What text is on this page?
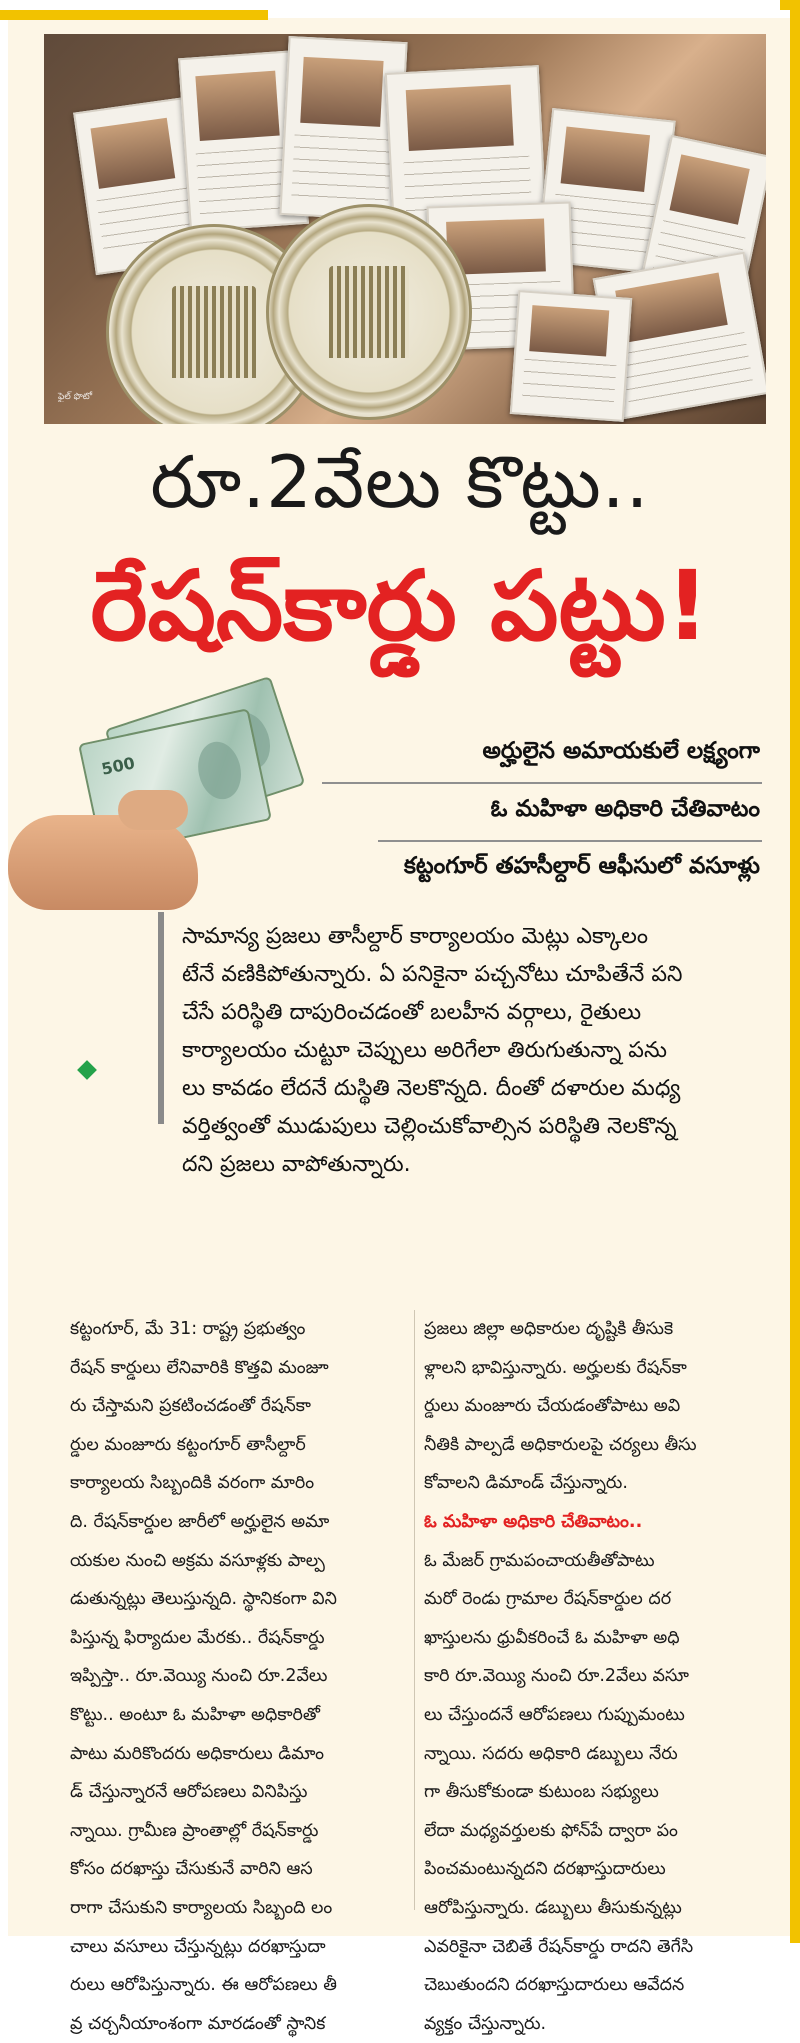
ఫైల్ ఫొటో
రూ.2వేలు కొట్టు..
రేషన్‌కార్డు పట్టు!
500
అర్హులైన అమాయకులే లక్ష్యంగా
ఓ మహిళా అధికారి చేతివాటం
కట్టంగూర్ తహసీల్దార్ ఆఫీసులో వసూళ్లు
సామాన్య ప్రజలు తాసీల్దార్ కార్యాలయం మెట్లు ఎక్కాలం
టేనే వణికిపోతున్నారు. ఏ పనికైనా పచ్చనోటు చూపితేనే పని
చేసే పరిస్థితి దాపురించడంతో బలహీన వర్గాలు, రైతులు
కార్యాలయం చుట్టూ చెప్పులు అరిగేలా తిరుగుతున్నా పను
లు కావడం లేదనే దుస్థితి నెలకొన్నది. దీంతో దళారుల మధ్య
వర్తిత్వంతో ముడుపులు చెల్లించుకోవాల్సిన పరిస్థితి నెలకొన్న
దని ప్రజలు వాపోతున్నారు.
కట్టంగూర్, మే 31: రాష్ట్ర ప్రభుత్వం
రేషన్ కార్డులు లేనివారికి కొత్తవి మంజూ
రు చేస్తామని ప్రకటించడంతో రేషన్‌కా
ర్డుల మంజూరు కట్టంగూర్ తాసీల్దార్
కార్యాలయ సిబ్బందికి వరంగా మారిం
ది. రేషన్‌కార్డుల జారీలో అర్హులైన అమా
యకుల నుంచి అక్రమ వసూళ్లకు పాల్ప
డుతున్నట్లు తెలుస్తున్నది. స్థానికంగా విని
పిస్తున్న ఫిర్యాదుల మేరకు.. రేషన్‌కార్డు
ఇప్పిస్తా.. రూ.వెయ్యి నుంచి రూ.2వేలు
కొట్టు.. అంటూ ఓ మహిళా అధికారితో
పాటు మరికొందరు అధికారులు డిమాం
డ్ చేస్తున్నారనే ఆరోపణలు వినిపిస్తు
న్నాయి. గ్రామీణ ప్రాంతాల్లో రేషన్‌కార్డు
కోసం దరఖాస్తు చేసుకునే వారిని ఆస
రాగా చేసుకుని కార్యాలయ సిబ్బంది లం
చాలు వసూలు చేస్తున్నట్లు దరఖాస్తుదా
రులు ఆరోపిస్తున్నారు. ఈ ఆరోపణలు తీ
వ్ర చర్చనీయాంశంగా మారడంతో స్థానిక
ప్రజలు జిల్లా అధికారుల దృష్టికి తీసుకె
ళ్లాలని భావిస్తున్నారు. అర్హులకు రేషన్‌కా
ర్డులు మంజూరు చేయడంతోపాటు అవి
నీతికి పాల్పడే అధికారులపై చర్యలు తీసు
కోవాలని డిమాండ్ చేస్తున్నారు.
ఓ మహిళా అధికారి చేతివాటం..
ఓ మేజర్ గ్రామపంచాయతీతోపాటు
మరో రెండు గ్రామాల రేషన్‌కార్డుల దర
ఖాస్తులను ధ్రువీకరించే ఓ మహిళా అధి
కారి రూ.వెయ్యి నుంచి రూ.2వేలు వసూ
లు చేస్తుందనే ఆరోపణలు గుప్పుమంటు
న్నాయి. సదరు అధికారి డబ్బులు నేరు
గా తీసుకోకుండా కుటుంబ సభ్యులు
లేదా మధ్యవర్తులకు ఫోన్‌పే ద్వారా పం
పించమంటున్నదని దరఖాస్తుదారులు
ఆరోపిస్తున్నారు. డబ్బులు తీసుకున్నట్లు
ఎవరికైనా చెబితే రేషన్‌కార్డు రాదని తెగేసి
చెబుతుందని దరఖాస్తుదారులు ఆవేదన
వ్యక్తం చేస్తున్నారు.
